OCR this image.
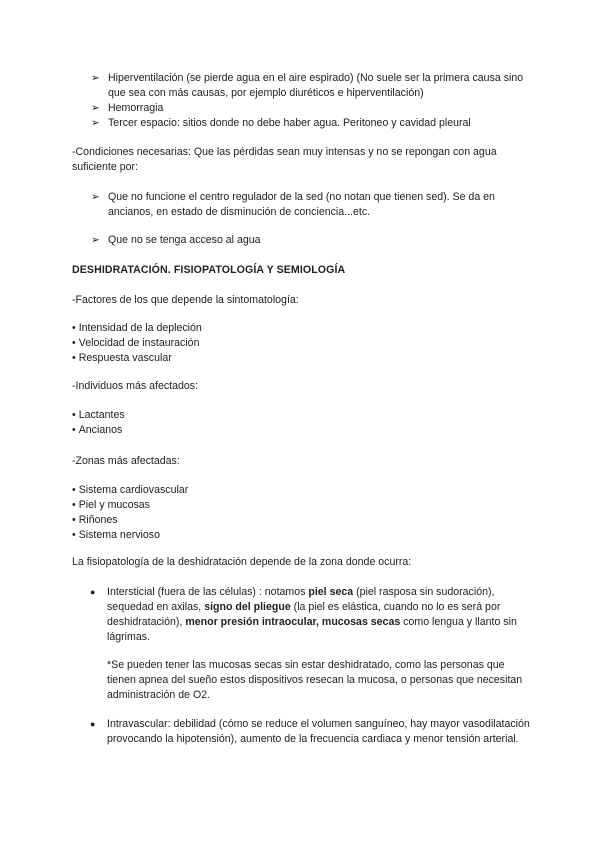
➢ Hiperventilación (se pierde agua en el aire espirado) (No suele ser la primera causa sino que sea con más causas, por ejemplo diuréticos e hiperventilación)
➢ Hemorragia
➢ Tercer espacio: sitios donde no debe haber agua. Peritoneo y cavidad pleural
-Condiciones necesarias: Que las pérdidas sean muy intensas y no se repongan con agua suficiente por:
➢ Que no funcione el centro regulador de la sed (no notan que tienen sed). Se da en ancianos, en estado de disminución de conciencia...etc.
➢ Que no se tenga acceso al agua
DESHIDRATACIÓN. FISIOPATOLOGÍA Y SEMIOLOGÍA
-Factores de los que depende la sintomatología:
• Intensidad de la depleción
• Velocidad de instauración
• Respuesta vascular
-Individuos más afectados:
• Lactantes
• Ancianos
-Zonas más afectadas:
• Sistema cardiovascular
• Piel y mucosas
• Riñones
• Sistema nervioso
La fisiopatología de la deshidratación depende de la zona donde ocurra:
● Intersticial (fuera de las células) : notamos piel seca (piel rasposa sin sudoración), sequedad en axilas, signo del pliegue (la piel es elástica, cuando no lo es será por deshidratación), menor presión intraocular, mucosas secas como lengua y llanto sin lágrimas.
*Se pueden tener las mucosas secas sin estar deshidratado, como las personas que tienen apnea del sueño estos dispositivos resecan la mucosa, o personas que necesitan administración de O2.
● Intravascular: debilidad (cómo se reduce el volumen sanguíneo, hay mayor vasodilatación provocando la hipotensión), aumento de la frecuencia cardiaca y menor tensión arterial.
